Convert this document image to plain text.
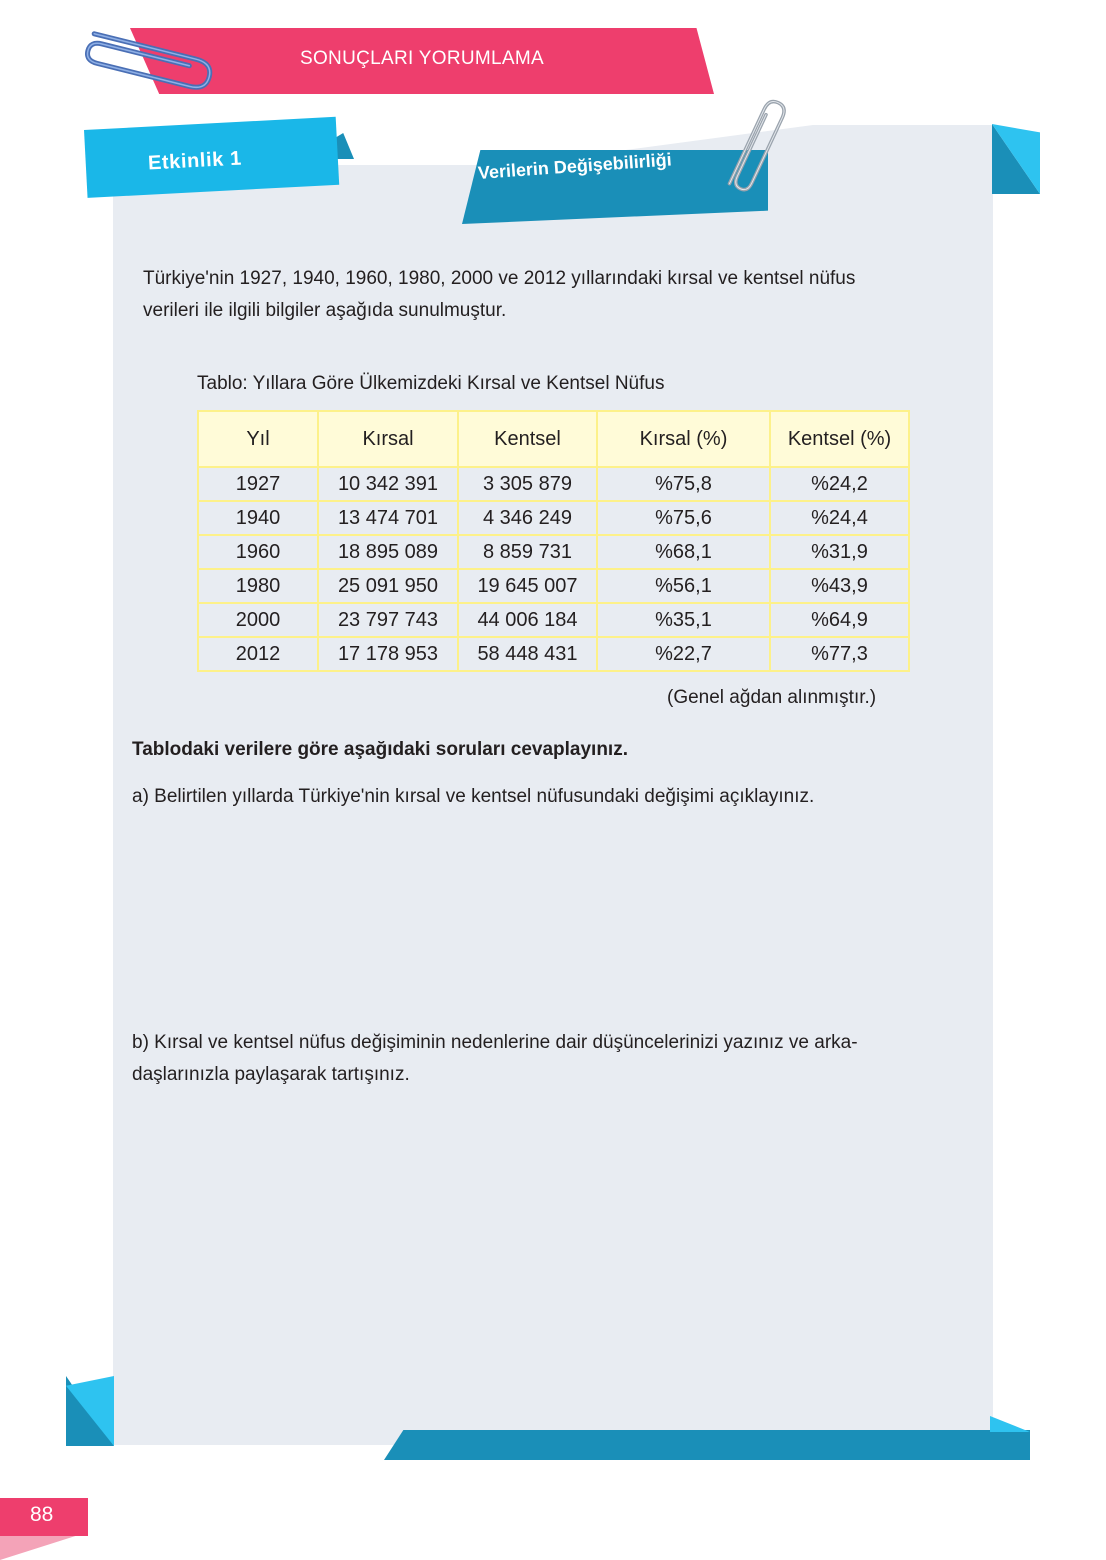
SONUÇLARI YORUMLAMA
Etkinlik 1	Verilerin Değişebilirliği
Türkiye'nin 1927, 1940, 1960, 1980, 2000 ve 2012 yıllarındaki kırsal ve kentsel nüfus
verileri ile ilgili bilgiler aşağıda sunulmuştur.
Tablo: Yıllara Göre Ülkemizdeki Kırsal ve Kentsel Nüfus
Yıl	Kırsal	Kentsel	Kırsal (%)	Kentsel (%)
1927	10 342 391	3 305 879	%75,8	%24,2
1940	13 474 701	4 346 249	%75,6	%24,4
1960	18 895 089	8 859 731	%68,1	%31,9
1980	25 091 950	19 645 007	%56,1	%43,9
2000	23 797 743	44 006 184	%35,1	%64,9
2012	17 178 953	58 448 431	%22,7	%77,3
(Genel ağdan alınmıştır.)
Tablodaki verilere göre aşağıdaki soruları cevaplayınız.
a) Belirtilen yıllarda Türkiye'nin kırsal ve kentsel nüfusundaki değişimi açıklayınız.
b) Kırsal ve kentsel nüfus değişiminin nedenlerine dair düşüncelerinizi yazınız ve arka-
daşlarınızla paylaşarak tartışınız.
88
